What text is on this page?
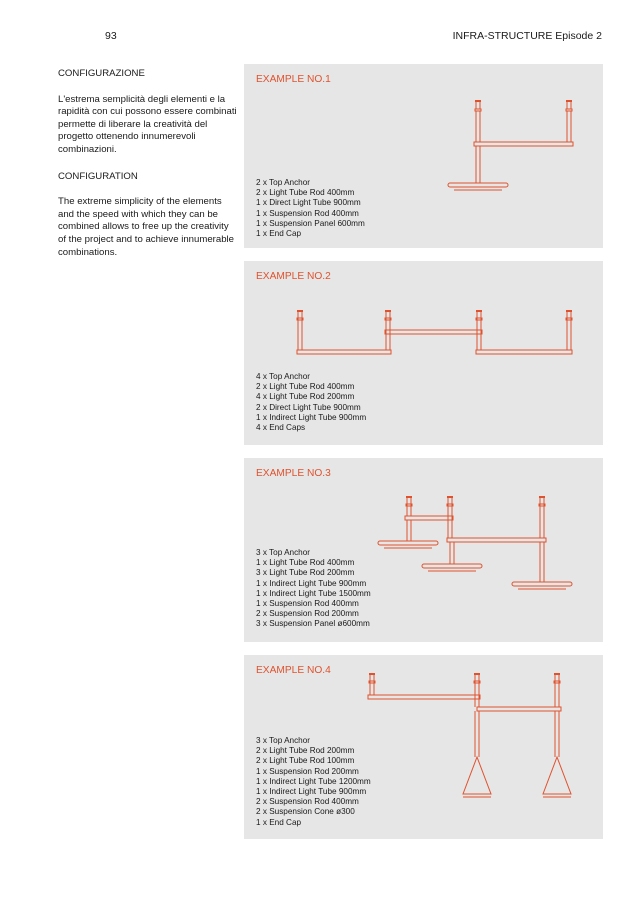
93	INFRA-STRUCTURE Episode 2
CONFIGURAZIONE
L'estrema semplicità degli elementi e la rapidità con cui possono essere combinati permette di liberare la creatività del progetto ottenendo innumerevoli combinazioni.
CONFIGURATION
The extreme simplicity of the elements and the speed with which they can be combined allows to free up the creativity of the project and to achieve innumerable combinations.
EXAMPLE NO.1
2 x Top Anchor
2 x Light Tube Rod 400mm
1 x Direct Light Tube 900mm
1 x Suspension Rod 400mm
1 x Suspension Panel 600mm
1 x End Cap
EXAMPLE NO.2
4 x Top Anchor
2 x Light Tube Rod 400mm
4 x Light Tube Rod 200mm
2 x Direct Light Tube 900mm
1 x Indirect Light Tube 900mm
4 x End Caps
EXAMPLE NO.3
3 x Top Anchor
1 x Light Tube Rod 400mm
3 x Light Tube Rod 200mm
1 x Indirect Light Tube 900mm
1 x Indirect Light Tube 1500mm
1 x Suspension Rod 400mm
2 x Suspension Rod 200mm
3 x Suspension Panel ø600mm
EXAMPLE NO.4
3 x Top Anchor
2 x Light Tube Rod 200mm
2 x Light Tube Rod 100mm
1 x Suspension Rod 200mm
1 x Indirect Light Tube 1200mm
1 x Indirect Light Tube 900mm
2 x Suspension Rod 400mm
2 x Suspension Cone ø300
1 x End Cap
